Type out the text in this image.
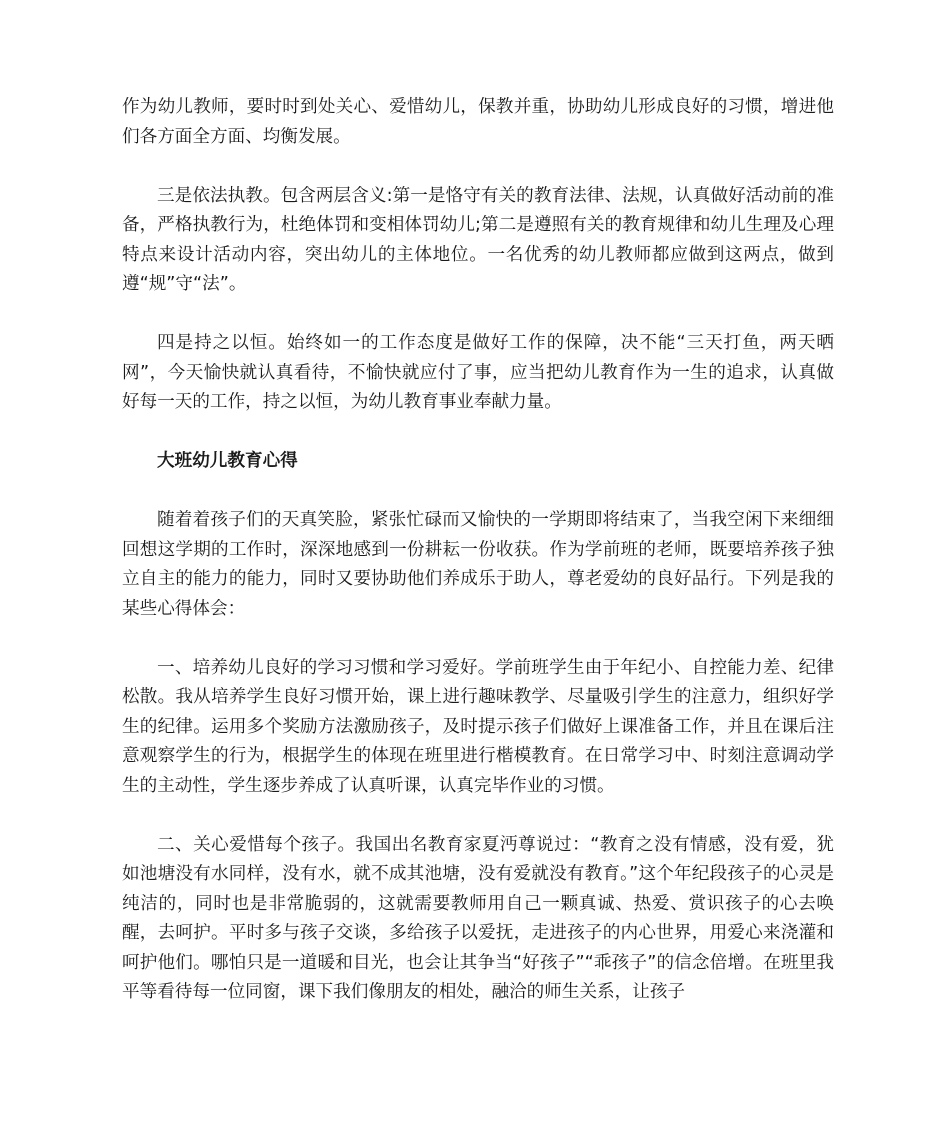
作为幼儿教师，要时时到处关心、爱惜幼儿，保教并重，协助幼儿形成良好的习惯，增进他们各方面全方面、均衡发展。

三是依法执教。包含两层含义:第一是恪守有关的教育法律、法规，认真做好活动前的准备，严格执教行为，杜绝体罚和变相体罚幼儿;第二是遵照有关的教育规律和幼儿生理及心理特点来设计活动内容，突出幼儿的主体地位。一名优秀的幼儿教师都应做到这两点，做到遵“规”守“法”。

四是持之以恒。始终如一的工作态度是做好工作的保障，决不能“三天打鱼，两天晒网”，今天愉快就认真看待，不愉快就应付了事，应当把幼儿教育作为一生的追求，认真做好每一天的工作，持之以恒，为幼儿教育事业奉献力量。

大班幼儿教育心得

随着着孩子们的天真笑脸，紧张忙碌而又愉快的一学期即将结束了，当我空闲下来细细回想这学期的工作时，深深地感到一份耕耘一份收获。作为学前班的老师，既要培养孩子独立自主的能力的能力，同时又要协助他们养成乐于助人，尊老爱幼的良好品行。下列是我的某些心得体会：

一、培养幼儿良好的学习习惯和学习爱好。学前班学生由于年纪小、自控能力差、纪律松散。我从培养学生良好习惯开始，课上进行趣味教学、尽量吸引学生的注意力，组织好学生的纪律。运用多个奖励方法激励孩子，及时提示孩子们做好上课准备工作，并且在课后注意观察学生的行为，根据学生的体现在班里进行楷模教育。在日常学习中、时刻注意调动学生的主动性，学生逐步养成了认真听课，认真完毕作业的习惯。

二、关心爱惜每个孩子。我国出名教育家夏沔尊说过：“教育之没有情感，没有爱，犹如池塘没有水同样，没有水，就不成其池塘，没有爱就没有教育。”这个年纪段孩子的心灵是纯洁的，同时也是非常脆弱的，这就需要教师用自己一颗真诚、热爱、赏识孩子的心去唤醒，去呵护。平时多与孩子交谈，多给孩子以爱抚，走进孩子的内心世界，用爱心来浇灌和呵护他们。哪怕只是一道暖和目光，也会让其争当“好孩子”“乖孩子”的信念倍增。在班里我平等看待每一位同窗，课下我们像朋友的相处，融洽的师生关系，让孩子
